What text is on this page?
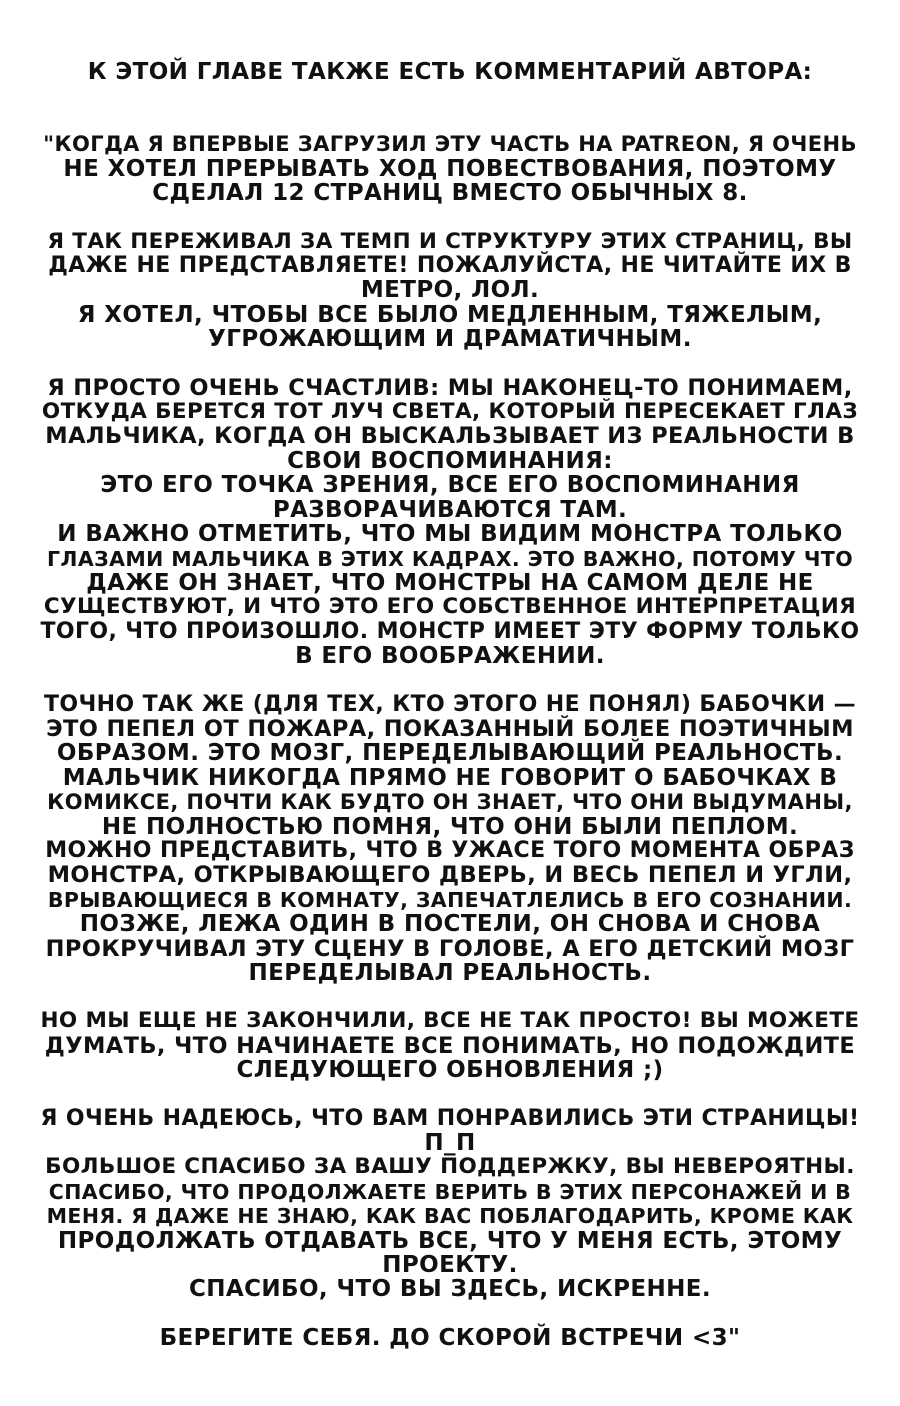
К ЭТОЙ ГЛАВЕ ТАКЖЕ ЕСТЬ КОММЕНТАРИЙ АВТОРА:
"КОГДА Я ВПЕРВЫЕ ЗАГРУЗИЛ ЭТУ ЧАСТЬ НА PATREON, Я ОЧЕНЬ
НЕ ХОТЕЛ ПРЕРЫВАТЬ ХОД ПОВЕСТВОВАНИЯ, ПОЭТОМУ
СДЕЛАЛ 12 СТРАНИЦ ВМЕСТО ОБЫЧНЫХ 8.
Я ТАК ПЕРЕЖИВАЛ ЗА ТЕМП И СТРУКТУРУ ЭТИХ СТРАНИЦ, ВЫ
ДАЖЕ НЕ ПРЕДСТАВЛЯЕТЕ! ПОЖАЛУЙСТА, НЕ ЧИТАЙТЕ ИХ В
МЕТРО, ЛОЛ.
Я ХОТЕЛ, ЧТОБЫ ВСЕ БЫЛО МЕДЛЕННЫМ, ТЯЖЕЛЫМ,
УГРОЖАЮЩИМ И ДРАМАТИЧНЫМ.
Я ПРОСТО ОЧЕНЬ СЧАСТЛИВ: МЫ НАКОНЕЦ-ТО ПОНИМАЕМ,
ОТКУДА БЕРЕТСЯ ТОТ ЛУЧ СВЕТА, КОТОРЫЙ ПЕРЕСЕКАЕТ ГЛАЗ
МАЛЬЧИКА, КОГДА ОН ВЫСКАЛЬЗЫВАЕТ ИЗ РЕАЛЬНОСТИ В
СВОИ ВОСПОМИНАНИЯ:
ЭТО ЕГО ТОЧКА ЗРЕНИЯ, ВСЕ ЕГО ВОСПОМИНАНИЯ
РАЗВОРАЧИВАЮТСЯ ТАМ.
И ВАЖНО ОТМЕТИТЬ, ЧТО МЫ ВИДИМ МОНСТРА ТОЛЬКО
ГЛАЗАМИ МАЛЬЧИКА В ЭТИХ КАДРАХ. ЭТО ВАЖНО, ПОТОМУ ЧТО
ДАЖЕ ОН ЗНАЕТ, ЧТО МОНСТРЫ НА САМОМ ДЕЛЕ НЕ
СУЩЕСТВУЮТ, И ЧТО ЭТО ЕГО СОБСТВЕННОЕ ИНТЕРПРЕТАЦИЯ
ТОГО, ЧТО ПРОИЗОШЛО. МОНСТР ИМЕЕТ ЭТУ ФОРМУ ТОЛЬКО
В ЕГО ВООБРАЖЕНИИ.
ТОЧНО ТАК ЖЕ (ДЛЯ ТЕХ, КТО ЭТОГО НЕ ПОНЯЛ) БАБОЧКИ —
ЭТО ПЕПЕЛ ОТ ПОЖАРА, ПОКАЗАННЫЙ БОЛЕЕ ПОЭТИЧНЫМ
ОБРАЗОМ. ЭТО МОЗГ, ПЕРЕДЕЛЫВАЮЩИЙ РЕАЛЬНОСТЬ.
МАЛЬЧИК НИКОГДА ПРЯМО НЕ ГОВОРИТ О БАБОЧКАХ В
КОМИКСЕ, ПОЧТИ КАК БУДТО ОН ЗНАЕТ, ЧТО ОНИ ВЫДУМАНЫ,
НЕ ПОЛНОСТЬЮ ПОМНЯ, ЧТО ОНИ БЫЛИ ПЕПЛОМ.
МОЖНО ПРЕДСТАВИТЬ, ЧТО В УЖАСЕ ТОГО МОМЕНТА ОБРАЗ
МОНСТРА, ОТКРЫВАЮЩЕГО ДВЕРЬ, И ВЕСЬ ПЕПЕЛ И УГЛИ,
ВРЫВАЮЩИЕСЯ В КОМНАТУ, ЗАПЕЧАТЛЕЛИСЬ В ЕГО СОЗНАНИИ.
ПОЗЖЕ, ЛЕЖА ОДИН В ПОСТЕЛИ, ОН СНОВА И СНОВА
ПРОКРУЧИВАЛ ЭТУ СЦЕНУ В ГОЛОВЕ, А ЕГО ДЕТСКИЙ МОЗГ
ПЕРЕДЕЛЫВАЛ РЕАЛЬНОСТЬ.
НО МЫ ЕЩЕ НЕ ЗАКОНЧИЛИ, ВСЕ НЕ ТАК ПРОСТО! ВЫ МОЖЕТЕ
ДУМАТЬ, ЧТО НАЧИНАЕТЕ ВСЕ ПОНИМАТЬ, НО ПОДОЖДИТЕ
СЛЕДУЮЩЕГО ОБНОВЛЕНИЯ ;)
Я ОЧЕНЬ НАДЕЮСЬ, ЧТО ВАМ ПОНРАВИЛИСЬ ЭТИ СТРАНИЦЫ!
П_П
БОЛЬШОЕ СПАСИБО ЗА ВАШУ ПОДДЕРЖКУ, ВЫ НЕВЕРОЯТНЫ.
СПАСИБО, ЧТО ПРОДОЛЖАЕТЕ ВЕРИТЬ В ЭТИХ ПЕРСОНАЖЕЙ И В
МЕНЯ. Я ДАЖЕ НЕ ЗНАЮ, КАК ВАС ПОБЛАГОДАРИТЬ, КРОМЕ КАК
ПРОДОЛЖАТЬ ОТДАВАТЬ ВСЕ, ЧТО У МЕНЯ ЕСТЬ, ЭТОМУ
ПРОЕКТУ.
СПАСИБО, ЧТО ВЫ ЗДЕСЬ, ИСКРЕННЕ.
БЕРЕГИТЕ СЕБЯ. ДО СКОРОЙ ВСТРЕЧИ <3"
